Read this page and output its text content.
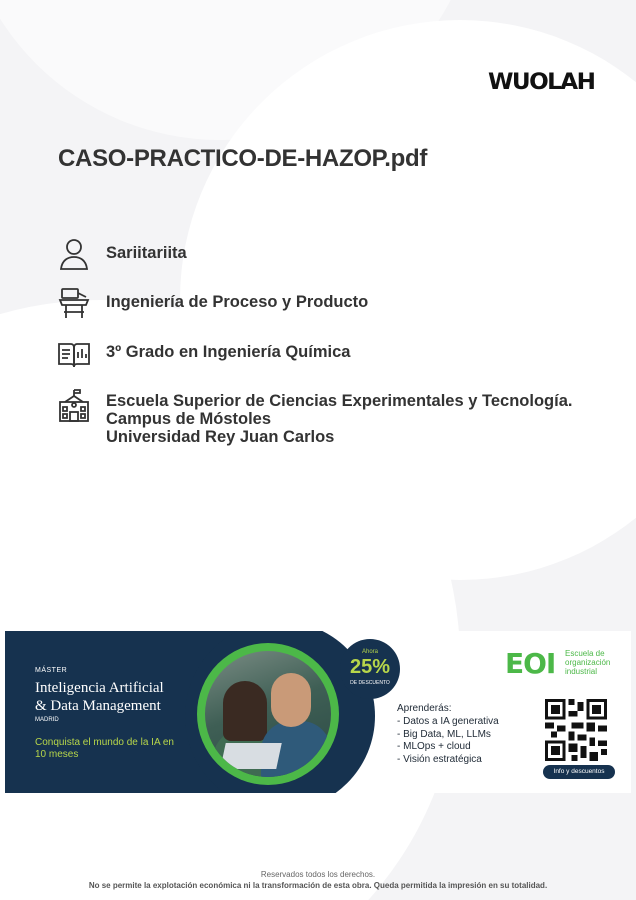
WUOLAH
CASO-PRACTICO-DE-HAZOP.pdf
Sariitariita
Ingeniería de Proceso y Producto
3º Grado en Ingeniería Química
Escuela Superior de Ciencias Experimentales y Tecnología.
Campus de Móstoles
Universidad Rey Juan Carlos
MÁSTER
Inteligencia Artificial
& Data Management
MADRID
Conquista el mundo de la IA en 10 meses
Ahora
25%
DE DESCUENTO
EOI Escuela de organización industrial
Aprenderás:
- Datos a IA generativa
- Big Data, ML, LLMs
- MLOps + cloud
- Visión estratégica
Info y descuentos
Reservados todos los derechos.
No se permite la explotación económica ni la transformación de esta obra. Queda permitida la impresión en su totalidad.
